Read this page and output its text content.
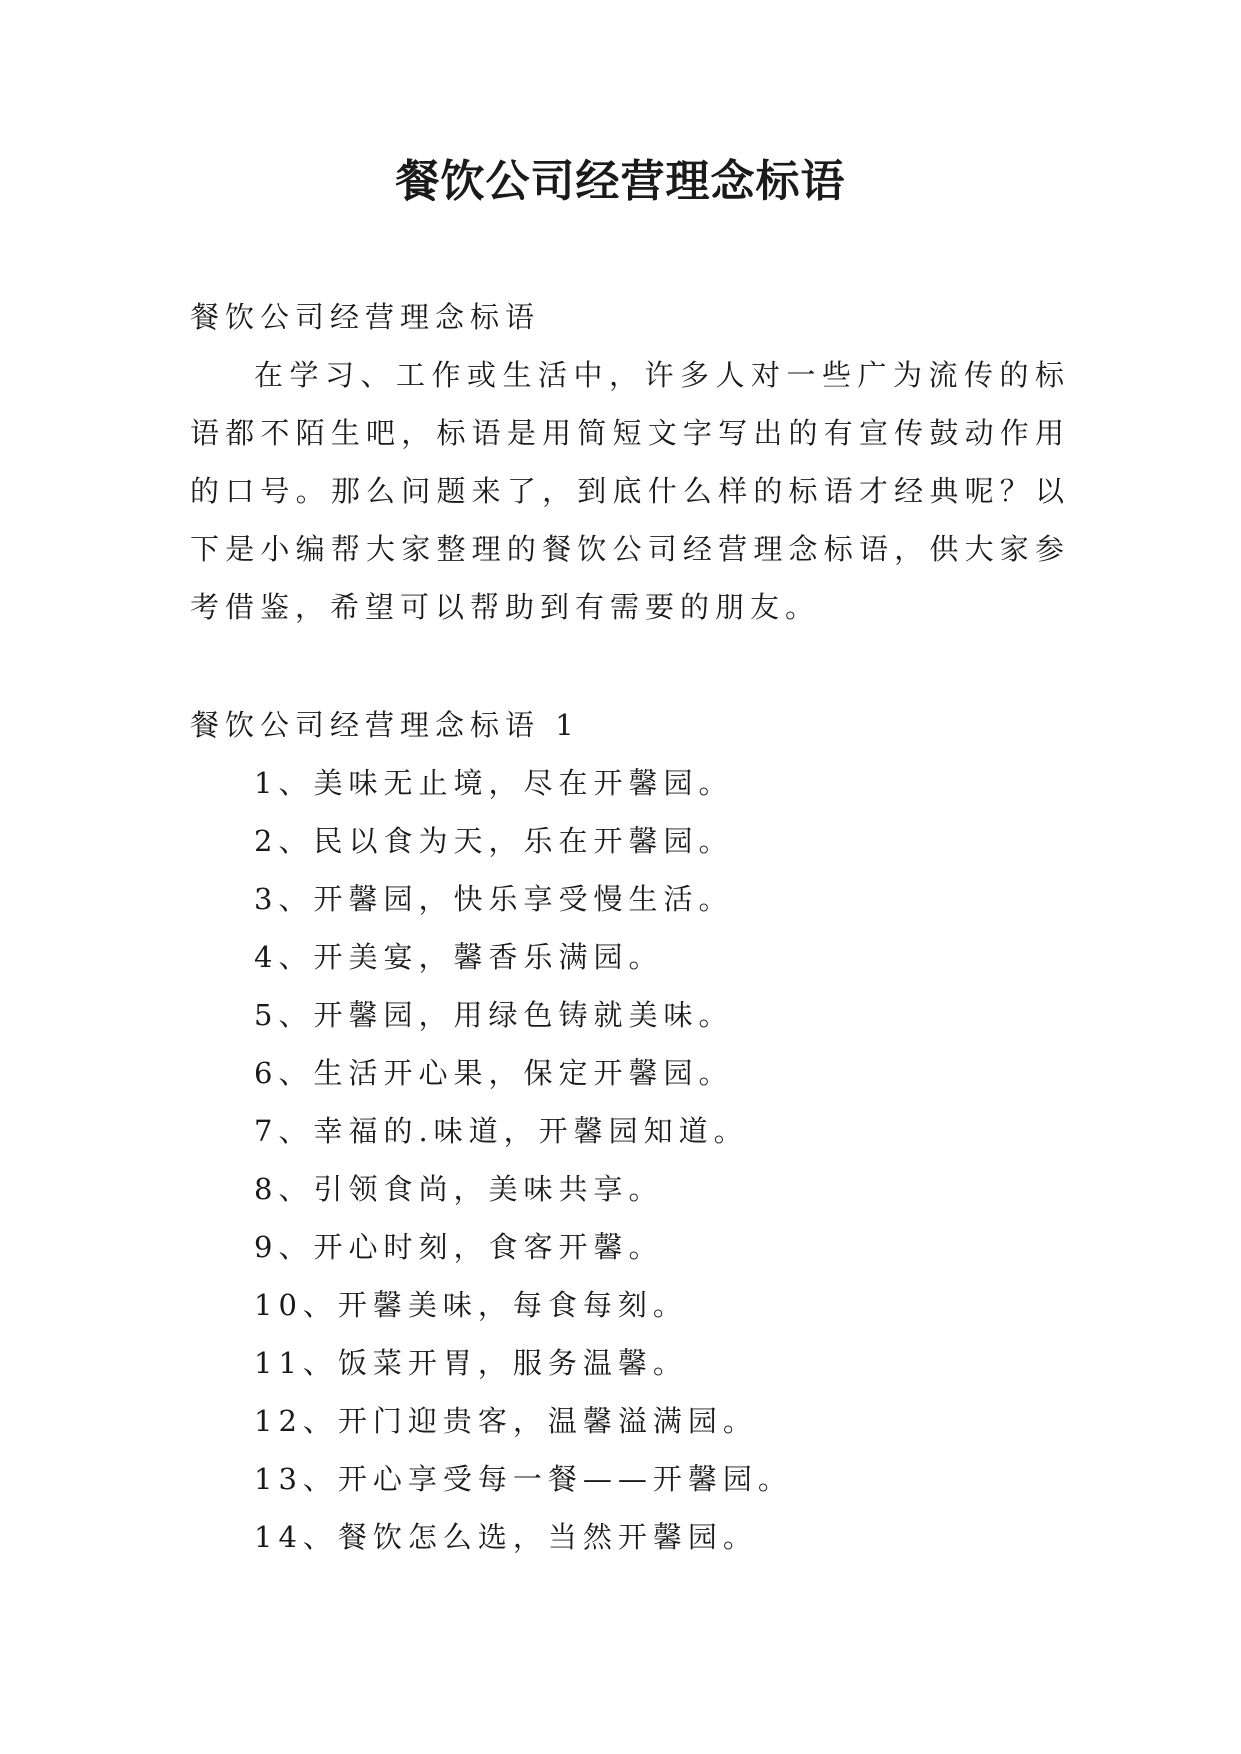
餐饮公司经营理念标语
餐饮公司经营理念标语
在学习、工作或生活中，许多人对一些广为流传的标语都不陌生吧，标语是用简短文字写出的有宣传鼓动作用的口号。那么问题来了，到底什么样的标语才经典呢？以下是小编帮大家整理的餐饮公司经营理念标语，供大家参考借鉴，希望可以帮助到有需要的朋友。
餐饮公司经营理念标语 1
1、美味无止境，尽在开馨园。
2、民以食为天，乐在开馨园。
3、开馨园，快乐享受慢生活。
4、开美宴，馨香乐满园。
5、开馨园，用绿色铸就美味。
6、生活开心果，保定开馨园。
7、幸福的.味道，开馨园知道。
8、引领食尚，美味共享。
9、开心时刻，食客开馨。
10、开馨美味，每食每刻。
11、饭菜开胃，服务温馨。
12、开门迎贵客，温馨溢满园。
13、开心享受每一餐——开馨园。
14、餐饮怎么选，当然开馨园。
